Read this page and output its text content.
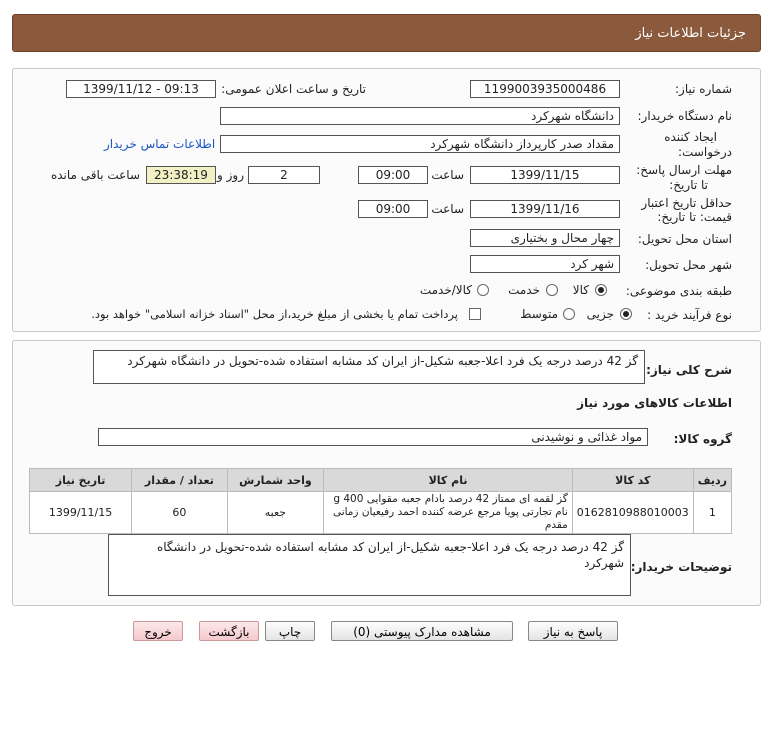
جزئیات اطلاعات نیاز
شماره نیاز:
1199003935000486
تاریخ و ساعت اعلان عمومی:
1399/11/12 - 09:13
نام دستگاه خریدار:
دانشگاه شهرکرد
ایجاد کننده
درخواست:
مقداد صدر کارپرداز دانشگاه شهرکرد
اطلاعات تماس خریدار
مهلت ارسال پاسخ:
تا تاریخ:
1399/11/15
ساعت
09:00
2
روز و
23:38:19
ساعت باقی مانده
حداقل تاریخ اعتبار
قیمت: تا تاریخ:
1399/11/16
ساعت
09:00
استان محل تحویل:
چهار محال و بختیاری
شهر محل تحویل:
شهر کرد
طبقه بندی موضوعی:
کالا
خدمت
کالا/خدمت
نوع فرآیند خرید :
جزیی
متوسط
پرداخت تمام یا بخشی از مبلغ خرید،از محل "اسناد خزانه اسلامی" خواهد بود.
شرح کلی نیاز:
گز 42 درصد درجه یک فرد اعلا-جعبه شکیل-از ایران کد مشابه استفاده شده-تحویل در دانشگاه شهرکرد
اطلاعات کالاهای مورد نیاز
گروه کالا:
مواد غذائی و نوشیدنی
ردیف	کد کالا	نام کالا	واحد شمارش	تعداد / مقدار	تاریخ نیاز
1	0162810988010003	گز لقمه ای ممتاز 42 درصد بادام جعبه مقوایی 400 g نام تجارتی پویا مرجع عرضه کننده احمد رفیعیان زمانی مقدم	جعبه	60	1399/11/15
توضیحات خریدار:
گز 42 درصد درجه یک فرد اعلا-جعبه شکیل-از ایران کد مشابه استفاده شده-تحویل در دانشگاه شهرکرد
پاسخ به نیاز
مشاهده مدارک پیوستی (0)
چاپ
بازگشت
خروج
